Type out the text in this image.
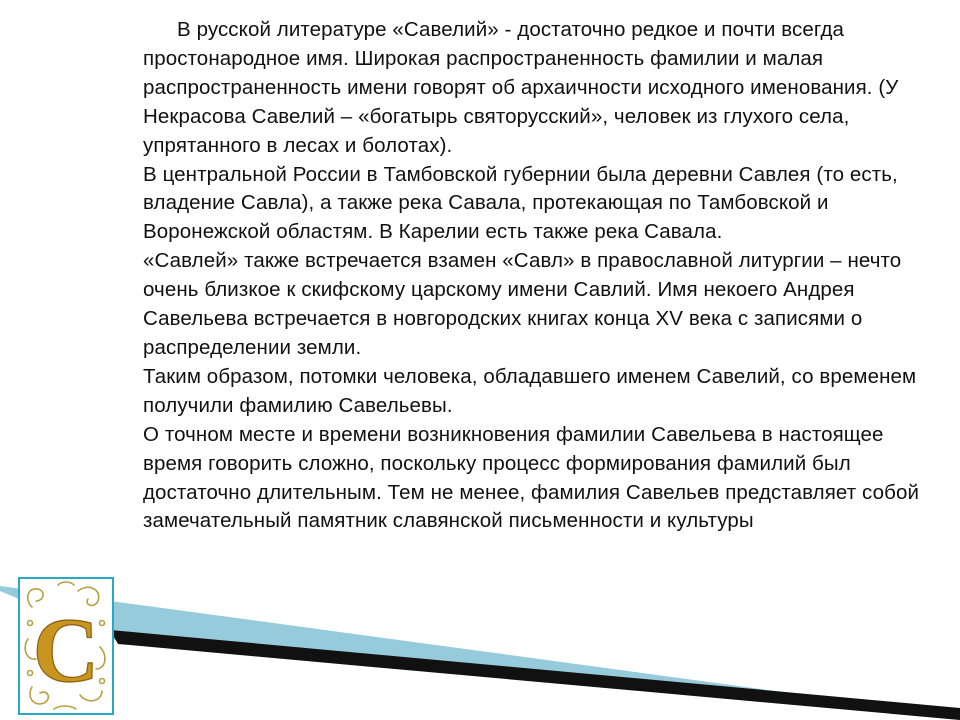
В русской литературе «Савелий» - достаточно редкое и почти всегда простонародное имя. Широкая распространенность фамилии и малая распространенность имени говорят об архаичности исходного именования. (У Некрасова Савелий – «богатырь святорусский», человек из глухого села, упрятанного в лесах и болотах).

В центральной России в Тамбовской губернии была деревни Савлея (то есть, владение Савла), а также река Савала, протекающая по Тамбовской и Воронежской областям. В Карелии есть также река Савала.

«Савлей» также встречается взамен «Савл» в православной литургии – нечто очень близкое к скифскому царскому имени Савлий. Имя некоего Андрея Савельева встречается в новгородских книгах конца XV века с записями о распределении земли.

Таким образом, потомки человека, обладавшего именем Савелий, со временем получили фамилию Савельевы.

О точном месте и времени возникновения фамилии Савельева в настоящее время говорить сложно, поскольку процесс формирования фамилий был достаточно длительным. Тем не менее, фамилия Савельев представляет собой замечательный памятник славянской письменности и культуры

С
